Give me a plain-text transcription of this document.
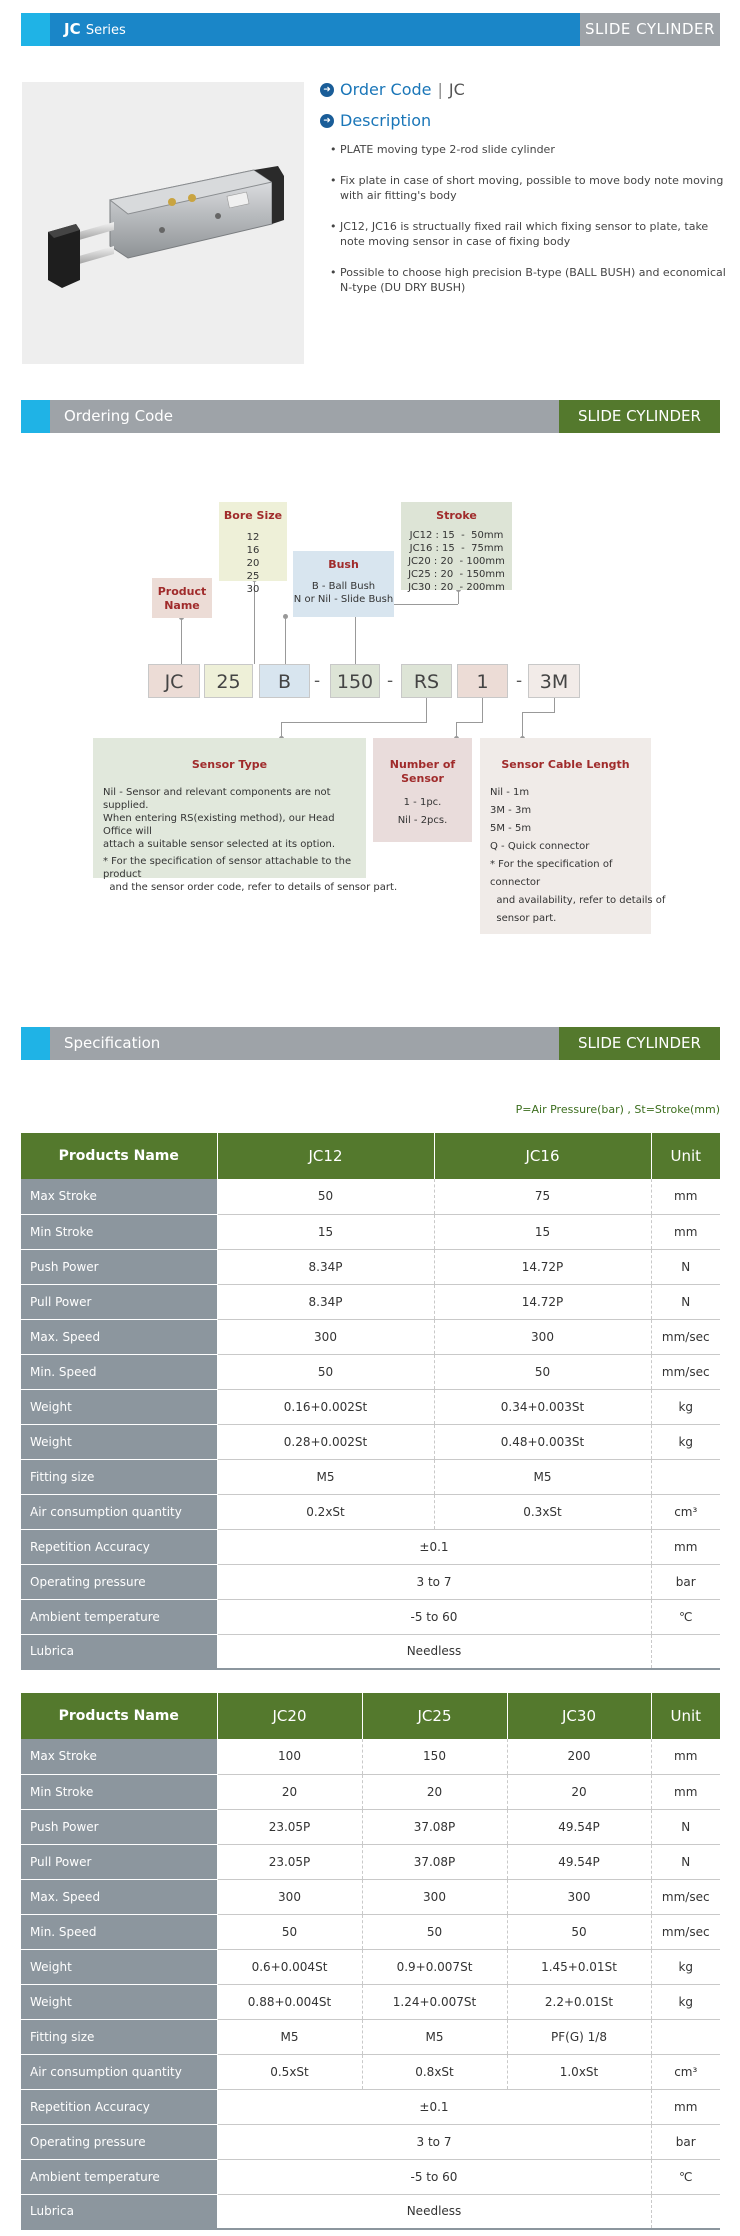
JC Series	SLIDE CYLINDER
➜ Order Code | JC
➜ Description
• PLATE moving type 2-rod slide cylinder
• Fix plate in case of short moving, possible to move body note moving with air fitting's body
• JC12, JC16 is structually fixed rail which fixing sensor to plate, take note moving sensor in case of fixing body
• Possible to choose high precision B-type (BALL BUSH) and economical N-type (DU DRY BUSH)
Ordering Code	SLIDE CYLINDER
Product Name
Bore Size
12
16
20
25
30
Bush
B - Ball Bush
N or Nil - Slide Bush
Stroke
JC12 : 15  -  50mm
JC16 : 15  -  75mm
JC20 : 20  - 100mm
JC25 : 20  - 150mm
JC30 : 20  - 200mm
JC	25	B	- 150 -	RS	1	- 3M
Sensor Type
Nil - Sensor and relevant components are not supplied.
When entering RS(existing method), our Head Office will
attach a suitable sensor selected at its option.
* For the specification of sensor attachable to the product
and the sensor order code, refer to details of sensor part.
Number of Sensor
1 - 1pc.
Nil - 2pcs.
Sensor Cable Length
Nil - 1m
3M - 3m
5M - 5m
Q - Quick connector
* For the specification of connector
and availability, refer to details of
sensor part.
Specification	SLIDE CYLINDER
P=Air Pressure(bar) , St=Stroke(mm)
Products Name	JC12	JC16	Unit
Max Stroke	50	75	mm
Min Stroke	15	15	mm
Push Power	8.34P	14.72P	N
Pull Power	8.34P	14.72P	N
Max. Speed	300	300	mm/sec
Min. Speed	50	50	mm/sec
Weight	0.16+0.002St	0.34+0.003St	kg
Weight	0.28+0.002St	0.48+0.003St	kg
Fitting size	M5	M5	
Air consumption quantity	0.2xSt	0.3xSt	cm³
Repetition Accuracy	±0.1		mm
Operating pressure	3 to 7		bar
Ambient temperature	-5 to 60		℃
Lubrica	Needless		
Products Name	JC20	JC25	JC30	Unit
Max Stroke	100	150	200	mm
Min Stroke	20	20	20	mm
Push Power	23.05P	37.08P	49.54P	N
Pull Power	23.05P	37.08P	49.54P	N
Max. Speed	300	300	300	mm/sec
Min. Speed	50	50	50	mm/sec
Weight	0.6+0.004St	0.9+0.007St	1.45+0.01St	kg
Weight	0.88+0.004St	1.24+0.007St	2.2+0.01St	kg
Fitting size	M5	M5	PF(G) 1/8	
Air consumption quantity	0.5xSt	0.8xSt	1.0xSt	cm³
Repetition Accuracy	±0.1			mm
Operating pressure	3 to 7			bar
Ambient temperature	-5 to 60			℃
Lubrica	Needless			
